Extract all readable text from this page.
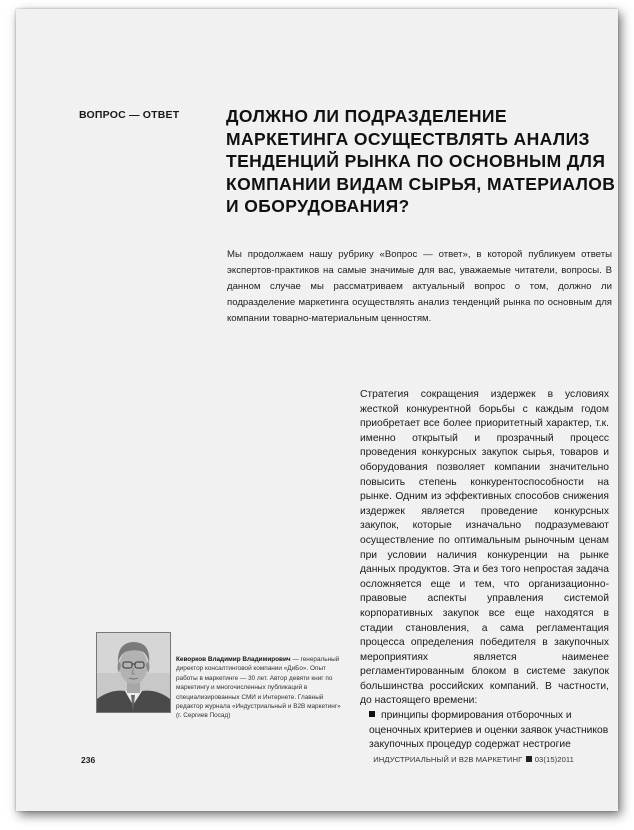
ВОПРОС — ОТВЕТ	ДОЛЖНО ЛИ ПОДРАЗДЕЛЕНИЕ МАРКЕТИНГА ОСУЩЕСТВЛЯТЬ АНАЛИЗ ТЕНДЕНЦИЙ РЫНКА ПО ОСНОВНЫМ ДЛЯ КОМПАНИИ ВИДАМ СЫРЬЯ, МАТЕРИАЛОВ И ОБОРУДОВАНИЯ?

Мы продолжаем нашу рубрику «Вопрос — ответ», в которой публикуем ответы экспертов-практиков на самые значимые для вас, уважаемые читатели, вопросы. В данном случае мы рассматриваем актуальный вопрос о том, должно ли подразделение маркетинга осуществлять анализ тенденций рынка по основным для компании товарно-материальным ценностям.

Стратегия сокращения издержек в условиях жесткой конкурентной борьбы с каждым годом приобретает все более приоритетный характер, т.к. именно открытый и прозрачный процесс проведения конкурсных закупок сырья, товаров и оборудования позволяет компании значительно повысить степень конкурентоспособности на рынке. Одним из эффективных способов снижения издержек является проведение конкурсных закупок, которые изначально подразумевают осуществление по оптимальным рыночным ценам при условии наличия конкуренции на рынке данных продуктов. Эта и без того непростая задача осложняется еще и тем, что организационно-правовые аспекты управления системой корпоративных закупок все еще находятся в стадии становления, а сама регламентация процесса определения победителя в закупочных мероприятиях является наименее регламентированным блоком в системе закупок большинства российских компаний. В частности, до настоящего времени:

принципы формирования отборочных и оценочных критериев и оценки заявок участников закупочных процедур содержат нестрогие

Кеворков Владимир Владимирович — генеральный директор консалтинговой компании «ДиБо». Опыт работы в маркетинге — 30 лет. Автор девяти книг по маркетингу и многочисленных публикаций в специализированных СМИ и Интернете. Главный редактор журнала «Индустриальный и B2B маркетинг» (г. Сергиев Посад)
236	ИНДУСТРИАЛЬНЫЙ И B2B МАРКЕТИНГ 03(15)2011
